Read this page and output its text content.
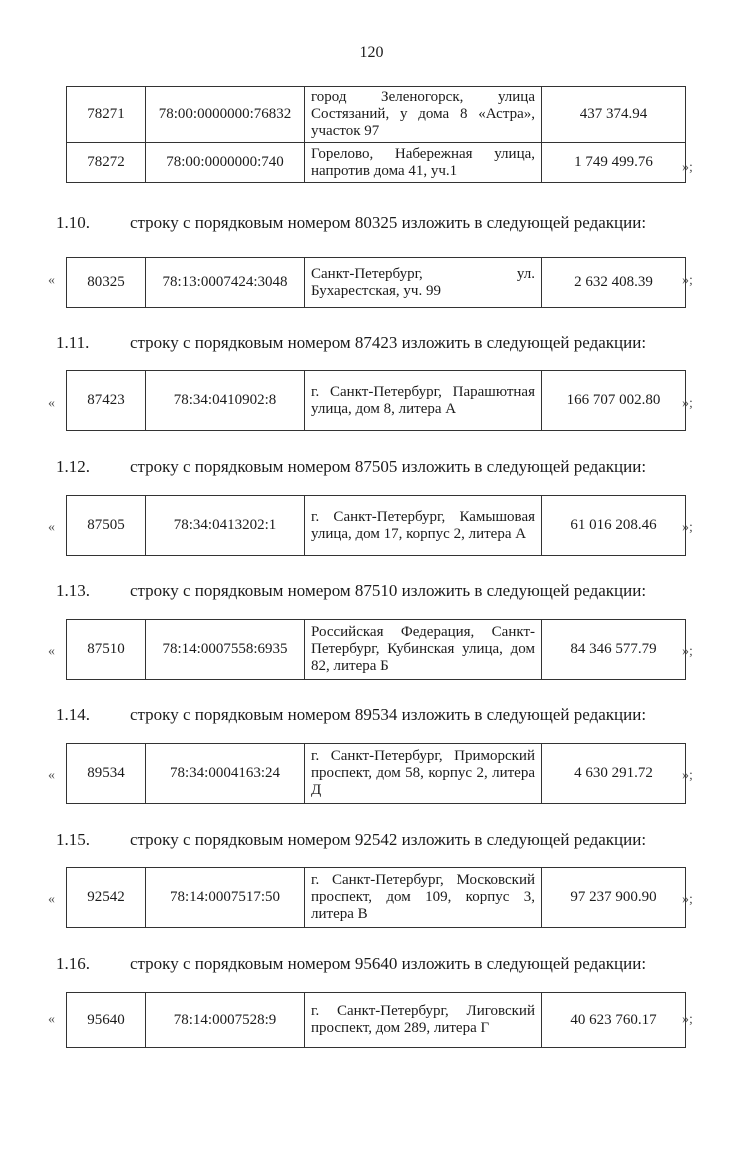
120
78271	78:00:0000000:76832	город Зеленогорск, улица Состязаний, у дома 8 «Астра», участок 97	437 374.94
78272	78:00:0000000:740	Горелово, Набережная улица, напротив дома 41, уч.1	1 749 499.76 »;
1.10. строку с порядковым номером 80325 изложить в следующей редакции:
« 80325	78:13:0007424:3048	Санкт-Петербург, ул. Бухарестская, уч. 99	2 632 408.39 »;
1.11. строку с порядковым номером 87423 изложить в следующей редакции:
« 87423	78:34:0410902:8	г. Санкт-Петербург, Парашютная улица, дом 8, литера А	166 707 002.80 »;
1.12. строку с порядковым номером 87505 изложить в следующей редакции:
« 87505	78:34:0413202:1	г. Санкт-Петербург, Камышовая улица, дом 17, корпус 2, литера А	61 016 208.46 »;
1.13. строку с порядковым номером 87510 изложить в следующей редакции:
« 87510	78:14:0007558:6935	Российская Федерация, Санкт-Петербург, Кубинская улица, дом 82, литера Б	84 346 577.79 »;
1.14. строку с порядковым номером 89534 изложить в следующей редакции:
« 89534	78:34:0004163:24	г. Санкт-Петербург, Приморский проспект, дом 58, корпус 2, литера Д	4 630 291.72 »;
1.15. строку с порядковым номером 92542 изложить в следующей редакции:
« 92542	78:14:0007517:50	г. Санкт-Петербург, Московский проспект, дом 109, корпус 3, литера В	97 237 900.90 »;
1.16. строку с порядковым номером 95640 изложить в следующей редакции:
« 95640	78:14:0007528:9	г. Санкт-Петербург, Лиговский проспект, дом 289, литера Г	40 623 760.17 »;
